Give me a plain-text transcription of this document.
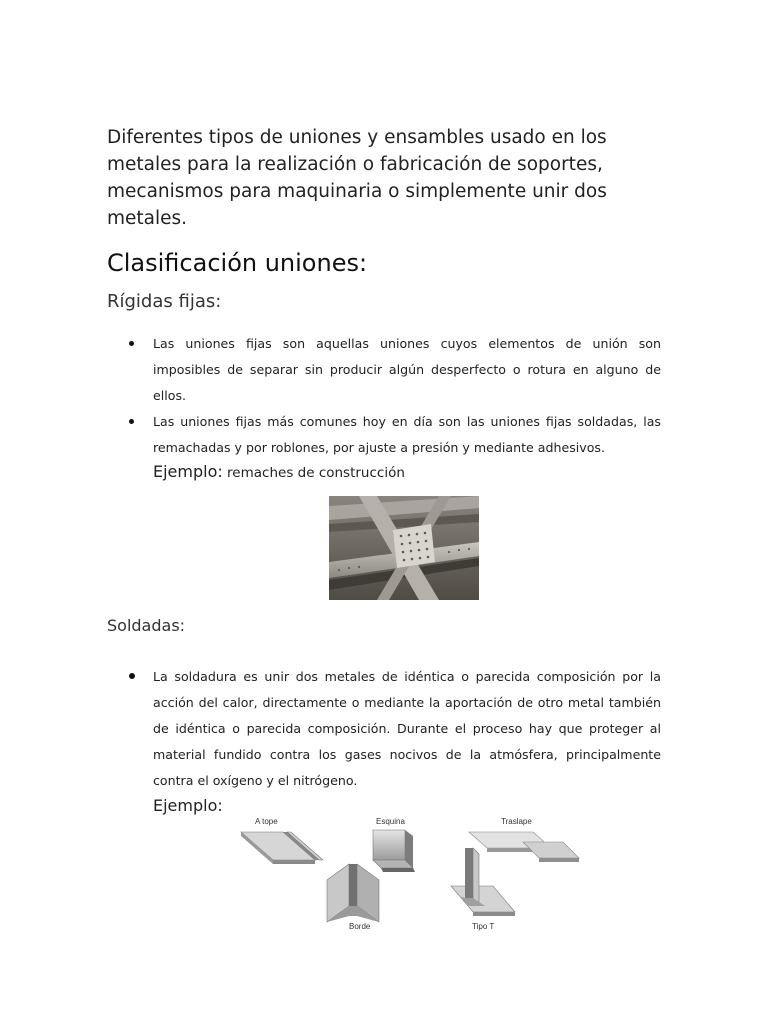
Diferentes tipos de uniones y ensambles usado en los metales para la realización o fabricación de soportes, mecanismos para maquinaria o simplemente unir dos metales.

Clasificación uniones:
Rígidas fijas:
Las uniones fijas son aquellas uniones cuyos elementos de unión son imposibles de separar sin producir algún desperfecto o rotura en alguno de ellos.
Las uniones fijas más comunes hoy en día son las uniones fijas soldadas, las remachadas y por roblones, por ajuste a presión y mediante adhesivos.
Ejemplo: remaches de construcción
Soldadas:
La soldadura es unir dos metales de idéntica o parecida composición por la acción del calor, directamente o mediante la aportación de otro metal también de idéntica o parecida composición. Durante el proceso hay que proteger al material fundido contra los gases nocivos de la atmósfera, principalmente contra el oxígeno y el nitrógeno.
Ejemplo:
A tope	Esquina	Traslape
Borde	Tipo T
